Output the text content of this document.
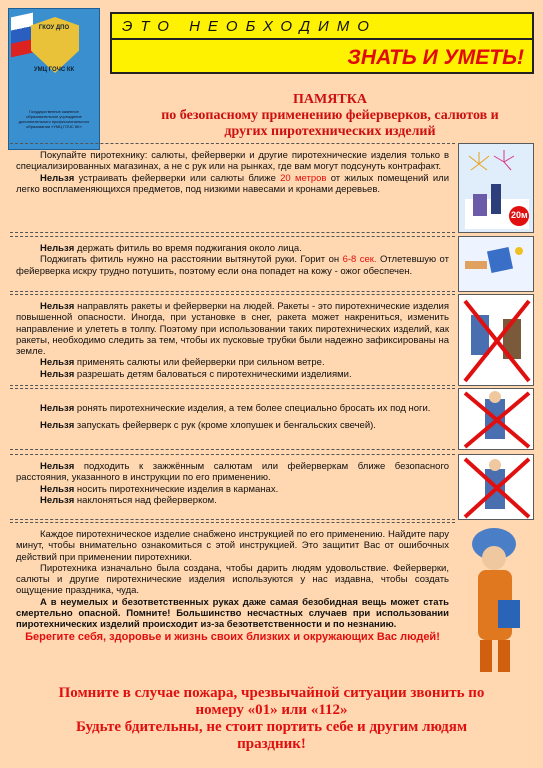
ГКОУ ДПО
УМЦ ГОЧС КК
Государственное казенное образовательное учреждение дополнительного профессионального образования «УМЦ ГОЧС КК»
ЭТО НЕОБХОДИМО
ЗНАТЬ И УМЕТЬ!
ПАМЯТКА
по безопасному применению фейерверков, салютов и
других пиротехнических изделий

Покупайте пиротехнику: салюты, фейерверки и другие пиротехнические изделия только в специализированных магазинах, а не с рук или на рынках, где вам могут подсунуть контрафакт.

Нельзя устраивать фейерверки или салюты ближе 20 метров от жилых помещений или легко воспламеняющихся предметов, под низкими навесами и кронами деревьев.

Нельзя держать фитиль во время поджигания около лица.

Поджигать фитиль нужно на расстоянии вытянутой руки. Горит он 6-8 сек. Отлетевшую от фейерверка искру трудно потушить, поэтому если она попадет на кожу - ожог обеспечен.

Нельзя направлять ракеты и фейерверки на людей. Ракеты - это пиротехнические изделия повышенной опасности. Иногда, при установке в снег, ракета может накрениться, изменить направление и улететь в толпу. Поэтому при использовании таких пиротехнических изделий, как ракеты, необходимо следить за тем, чтобы их пусковые трубки были надежно зафиксированы на земле.

Нельзя применять салюты или фейерверки при сильном ветре.

Нельзя разрешать детям баловаться с пиротехническими изделиями.

Нельзя ронять пиротехнические изделия, а тем более специально бросать их под ноги.

Нельзя запускать фейерверк с рук (кроме хлопушек и бенгальских свечей).

Нельзя подходить к зажжённым салютам или фейерверкам ближе безопасного расстояния, указанного в инструкции по его применению.

Нельзя носить пиротехнические изделия в карманах.

Нельзя наклоняться над фейерверком.

Каждое пиротехническое изделие снабжено инструкцией по его применению. Найдите пару минут, чтобы внимательно ознакомиться с этой инструкцией. Это защитит Вас от ошибочных действий при применении пиротехники.

Пиротехника изначально была создана, чтобы дарить людям удовольствие. Фейерверки, салюты и другие пиротехнические изделия используются у нас издавна, чтобы создать ощущение праздника, чуда.

А в неумелых и безответственных руках даже самая безобидная вещь может стать смертельно опасной. Помните! Большинство несчастных случаев при использовании пиротехнических изделий происходит из-за безответственности и по незнанию.

Берегите себя, здоровье и жизнь своих близких и окружающих Вас людей!

20м
Помните в случае пожара, чрезвычайной ситуации звонить по
номеру «01» или «112»
Будьте бдительны, не стоит портить себе и другим людям
праздник!
